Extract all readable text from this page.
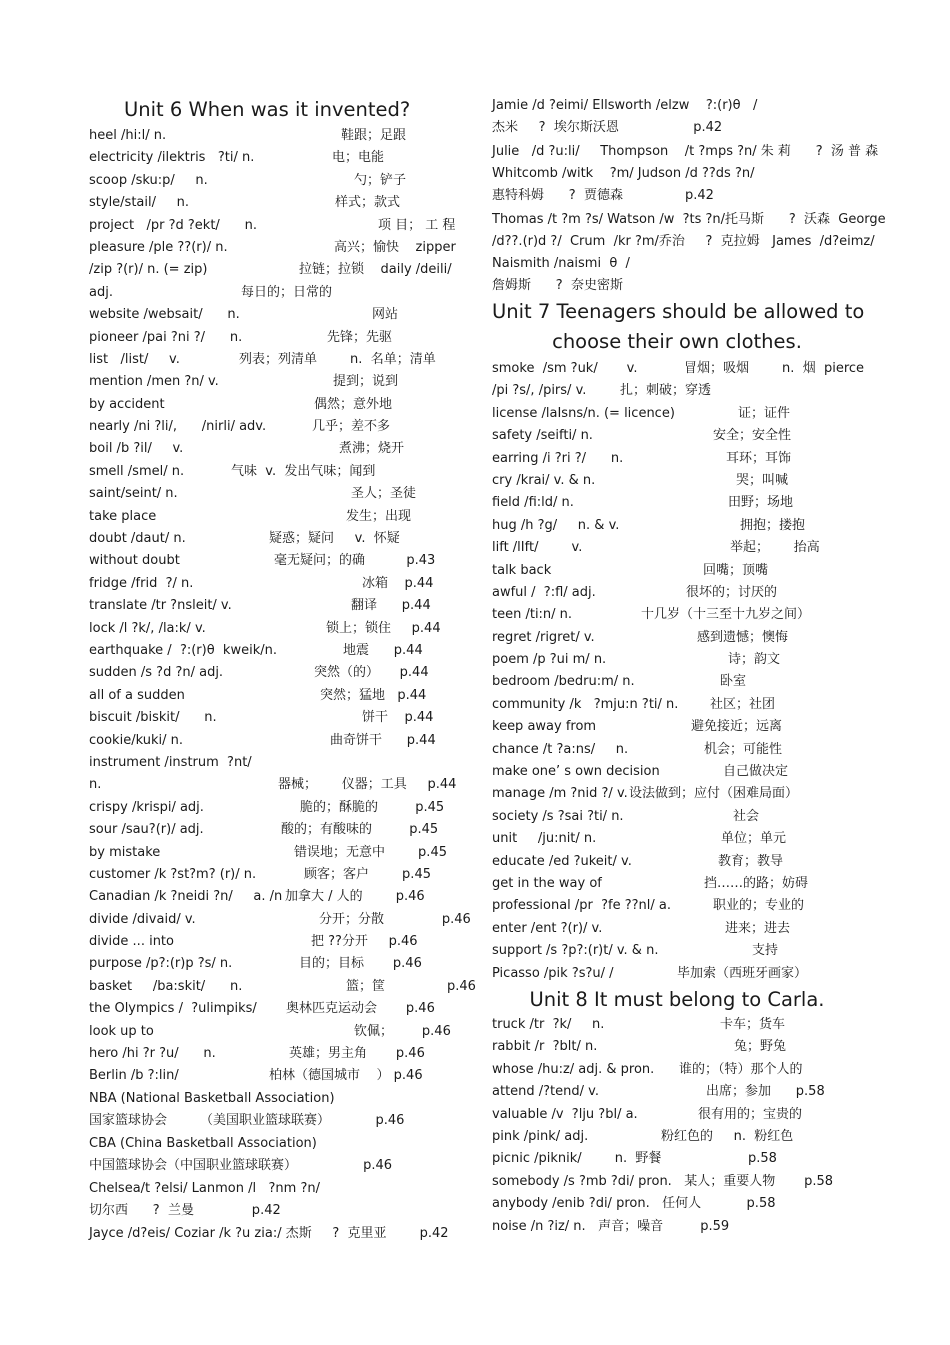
Unit 6 When was it invented?
heel /hi:l/ n.	鞋跟；足跟
electricity /ilektris   ?ti/ n.	电；电能
scoop /sku:p/     n.	勺；铲子
style/stail/     n.	样式；款式
project   /pr ?d ?ekt/      n.	项 目； 工 程
pleasure /ple ??(r)/ n.	高兴；愉快    zipper
/zip ?(r)/ n. (= zip)	拉链；拉锁    daily /deili/
adj.	每日的；日常的
website /websait/      n.	网站
pioneer /pai ?ni ?/      n.	先锋；先驱
list   /list/     v.	列表；列清单        n.  名单；清单
mention /men ?n/ v.	提到；说到
by accident	偶然；意外地
nearly /ni ?li/,      /nirli/ adv.	几乎；差不多
boil /b ?il/     v.	煮沸；烧开
smell /smel/ n.	气味  v.  发出气味；闻到
saint/seint/ n.	圣人；圣徒
take place	发生；出现
doubt /daut/ n.	疑惑；疑问     v.  怀疑
without doubt	毫无疑问；的确          p.43
fridge /frid  ?/ n.	冰箱    p.44
translate /tr ?nsleit/ v.	翻译      p.44
lock /l ?k/, /la:k/ v.	锁上；锁住     p.44
earthquake /  ?:(r)θ  kweik/n.	地震      p.44
sudden /s ?d ?n/ adj.	突然（的）     p.44
all of a sudden	突然；猛地   p.44
biscuit /biskit/      n.	饼干    p.44
cookie/kuki/ n.	曲奇饼干      p.44
instrument /instrum  ?nt/
n.	器械；      仪器；工具     p.44
crispy /krispi/ adj.	脆的；酥脆的         p.45
sour /sau?(r)/ adj.	酸的；有酸味的         p.45
by mistake	错误地；无意中        p.45
customer /k ?st?m? (r)/ n.	顾客；客户        p.45
Canadian /k ?neidi ?n/     a. /n 加拿大 / 人的        p.46
divide /divaid/ v.	分开；分散              p.46
divide ... into	把 ??分开     p.46
purpose /p?:(r)p ?s/ n.	目的；目标       p.46
basket     /ba:skit/      n.	篮；筐               p.46
the Olympics /  ?ulimpiks/ 奥林匹克运动会       p.46
look up to	钦佩；       p.46
hero /hi ?r ?u/      n.	英雄；男主角       p.46
Berlin /b ?:lin/	柏林（德国城市    ） p.46
NBA (National Basketball Association)
国家篮球协会        （美国职业篮球联赛）           p.46
CBA (China Basketball Association)
中国篮球协会（中国职业篮球联赛）                p.46
Chelsea/t ?elsi/ Lanmon /l   ?nm ?n/
切尔西      ?  兰曼              p.42
Jayce /d?eis/ Coziar /k ?u zia:/ 杰斯     ?  克里亚        p.42
Jamie /d ?eimi/ Ellsworth /elzw    ?:(r)θ   /
杰米     ?  埃尔斯沃恩                  p.42
Julie   /d ?u:li/     Thompson    /t ?mps ?n/ 朱 莉      ?  汤 普 森
Whitcomb /witk    ?m/ Judson /d ??ds ?n/
惠特科姆      ?  贾德森               p.42
Thomas /t ?m ?s/ Watson /w  ?ts ?n/托马斯      ?  沃森  George
/d??.(r)d ?/  Crum  /kr ?m/乔治     ?  克拉姆   James  /d?eimz/
Naismith /naismi  θ  /
詹姆斯      ?  奈史密斯
Unit 7 Teenagers should be allowed to
choose their own clothes.
smoke  /sm ?uk/       v.	冒烟；吸烟        n.  烟  pierce
/pi ?s/, /pirs/ v.	扎；刺破；穿透
license /laIsns/n. (= licence)	证；证件
safety /seifti/ n.	安全；安全性
earring /i ?ri ?/      n.	耳环；耳饰
cry /krai/ v. & n.	哭；叫喊
field /fi:ld/ n.	田野；场地
hug /h ?g/     n. & v.	拥抱；搂抱
lift /lIft/        v.	举起；      抬高
talk back	回嘴；顶嘴
awful /  ?:fl/ adj.	很坏的；讨厌的
teen /ti:n/ n.	十几岁（十三至十九岁之间）
regret /rigret/ v.	感到遗憾；懊悔
poem /p ?ui m/ n.	诗；韵文
bedroom /bedru:m/ n.	卧室
community /k   ?mju:n ?ti/ n. 社区；社团
keep away from	避免接近；远离
chance /t ?a:ns/     n.	机会；可能性
make one’ s own decision	自己做决定
manage /m ?nid ?/ v. 设法做到；应付（困难局面）
society /s ?sai ?ti/ n.	社会
unit     /ju:nit/ n.	单位；单元
educate /ed ?ukeit/ v.	教育；教导
get in the way of	挡……的路；妨碍
professional /pr  ?fe ??nl/ a.	职业的；专业的
enter /ent ?(r)/ v.	进来；进去
support /s ?p?:(r)t/ v. & n.	支持
Picasso /pik ?s?u/ /	毕加索（西班牙画家）
Unit 8 It must belong to Carla.
truck /tr  ?k/     n.	卡车；货车
rabbit /r  ?blt/ n.	兔；野兔
whose /hu:z/ adj. & pron. 谁的；（特）那个人的
attend /?tend/ v.	出席；参加      p.58
valuable /v  ?lju ?bl/ a.	很有用的；宝贵的
pink /pink/ adj.	粉红色的     n.  粉红色
picnic /piknik/        n.  野餐	p.58
somebody /s ?mb ?di/ pron.   某人；重要人物       p.58
anybody /enib ?di/ pron.   任何人           p.58
noise /n ?iz/ n.   声音；噪音         p.59
